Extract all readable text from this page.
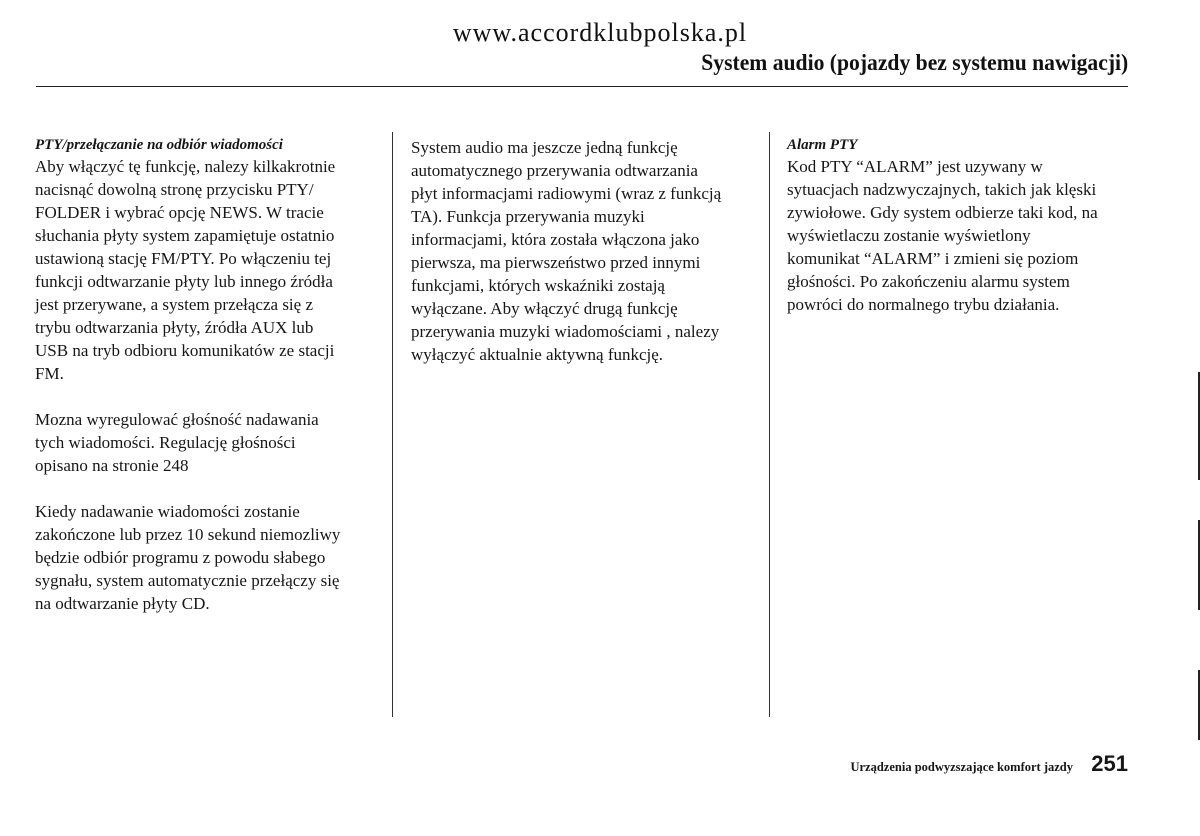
www.accordklubpolska.pl
System audio (pojazdy bez systemu nawigacji)
PTY/przełączanie na odbiór wiadomości

Aby włączyć tę funkcję, nalezy kilkakrotnie
nacisnąć dowolną stronę przycisku PTY/
FOLDER i wybrać opcję NEWS. W tracie
słuchania płyty system zapamiętuje ostatnio
ustawioną stację FM/PTY. Po włączeniu tej
funkcji odtwarzanie płyty lub innego źródła
jest przerywane, a system przełącza się z
trybu odtwarzania płyty, źródła AUX lub
USB na tryb odbioru komunikatów ze stacji
FM.

Mozna wyregulować głośność nadawania
tych wiadomości. Regulację głośności
opisano na stronie 248

Kiedy nadawanie wiadomości zostanie
zakończone lub przez 10 sekund niemozliwy
będzie odbiór programu z powodu słabego
sygnału, system automatycznie przełączy się
na odtwarzanie płyty CD.

System audio ma jeszcze jedną funkcję
automatycznego przerywania odtwarzania
płyt informacjami radiowymi (wraz z funkcją
TA). Funkcja przerywania muzyki
informacjami, która została włączona jako
pierwsza, ma pierwszeństwo przed innymi
funkcjami, których wskaźniki zostają
wyłączane. Aby włączyć drugą funkcję
przerywania muzyki wiadomościami , nalezy
wyłączyć aktualnie aktywną funkcję.

Alarm PTY

Kod PTY “ALARM” jest uzywany w
sytuacjach nadzwyczajnych, takich jak klęski
zywiołowe. Gdy system odbierze taki kod, na
wyświetlaczu zostanie wyświetlony
komunikat “ALARM” i zmieni się poziom
głośności. Po zakończeniu alarmu system
powróci do normalnego trybu działania.

Urządzenia podwyzszające komfort jazdy 251
